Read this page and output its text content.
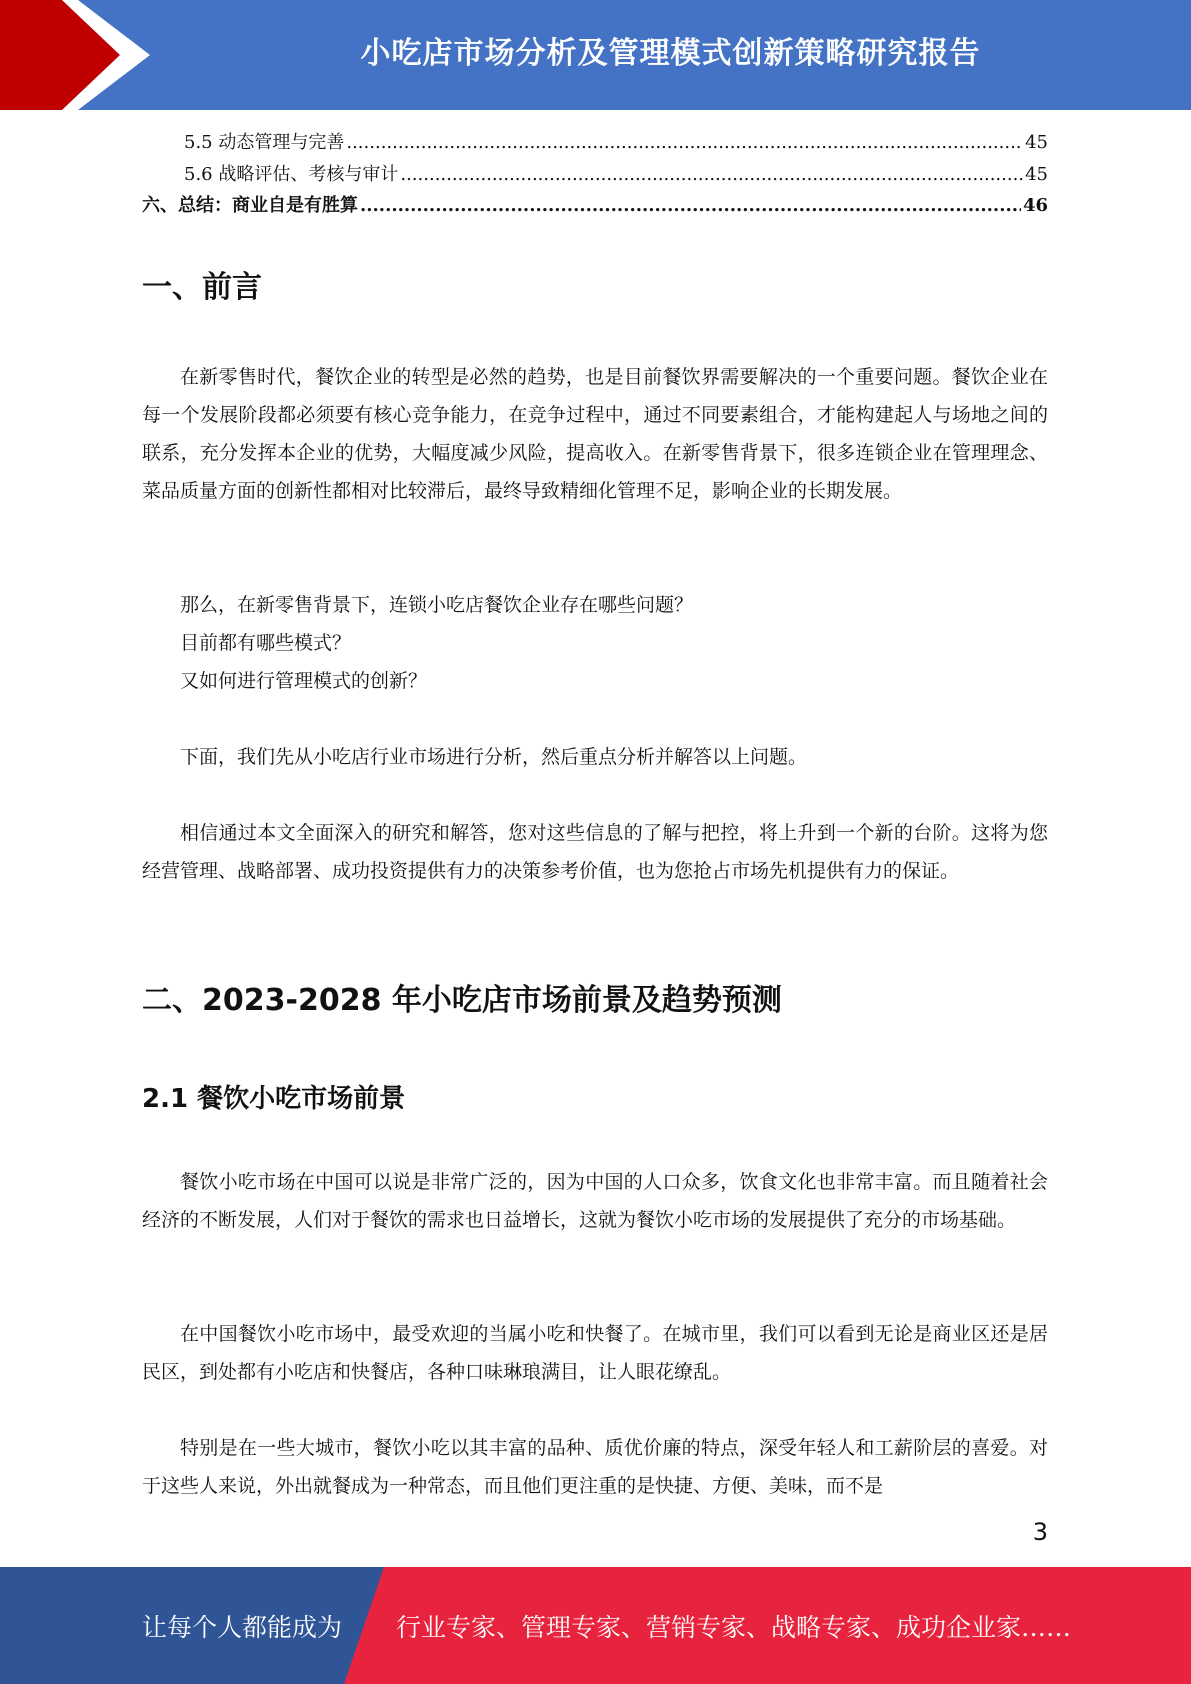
小吃店市场分析及管理模式创新策略研究报告
5.5 动态管理与完善 .....	45
5.6 战略评估、考核与审计 .....	45
六、总结：商业自是有胜算 .....	46
一、前言

在新零售时代，餐饮企业的转型是必然的趋势，也是目前餐饮界需要解决的一个重要问题。餐饮企业在每一个发展阶段都必须要有核心竞争能力，在竞争过程中，通过不同要素组合，才能构建起人与场地之间的联系，充分发挥本企业的优势，大幅度减少风险，提高收入。在新零售背景下，很多连锁企业在管理理念、菜品质量方面的创新性都相对比较滞后，最终导致精细化管理不足，影响企业的长期发展。

那么，在新零售背景下，连锁小吃店餐饮企业存在哪些问题？

目前都有哪些模式？

又如何进行管理模式的创新？

下面，我们先从小吃店行业市场进行分析，然后重点分析并解答以上问题。

相信通过本文全面深入的研究和解答，您对这些信息的了解与把控，将上升到一个新的台阶。这将为您经营管理、战略部署、成功投资提供有力的决策参考价值，也为您抢占市场先机提供有力的保证。

二、2023-2028 年小吃店市场前景及趋势预测
2.1 餐饮小吃市场前景

餐饮小吃市场在中国可以说是非常广泛的，因为中国的人口众多，饮食文化也非常丰富。而且随着社会经济的不断发展，人们对于餐饮的需求也日益增长，这就为餐饮小吃市场的发展提供了充分的市场基础。

在中国餐饮小吃市场中，最受欢迎的当属小吃和快餐了。在城市里，我们可以看到无论是商业区还是居民区，到处都有小吃店和快餐店，各种口味琳琅满目，让人眼花缭乱。

特别是在一些大城市，餐饮小吃以其丰富的品种、质优价廉的特点，深受年轻人和工薪阶层的喜爱。对于这些人来说，外出就餐成为一种常态，而且他们更注重的是快捷、方便、美味，而不是

3
让每个人都能成为 行业专家、管理专家、营销专家、战略专家、成功企业家……
